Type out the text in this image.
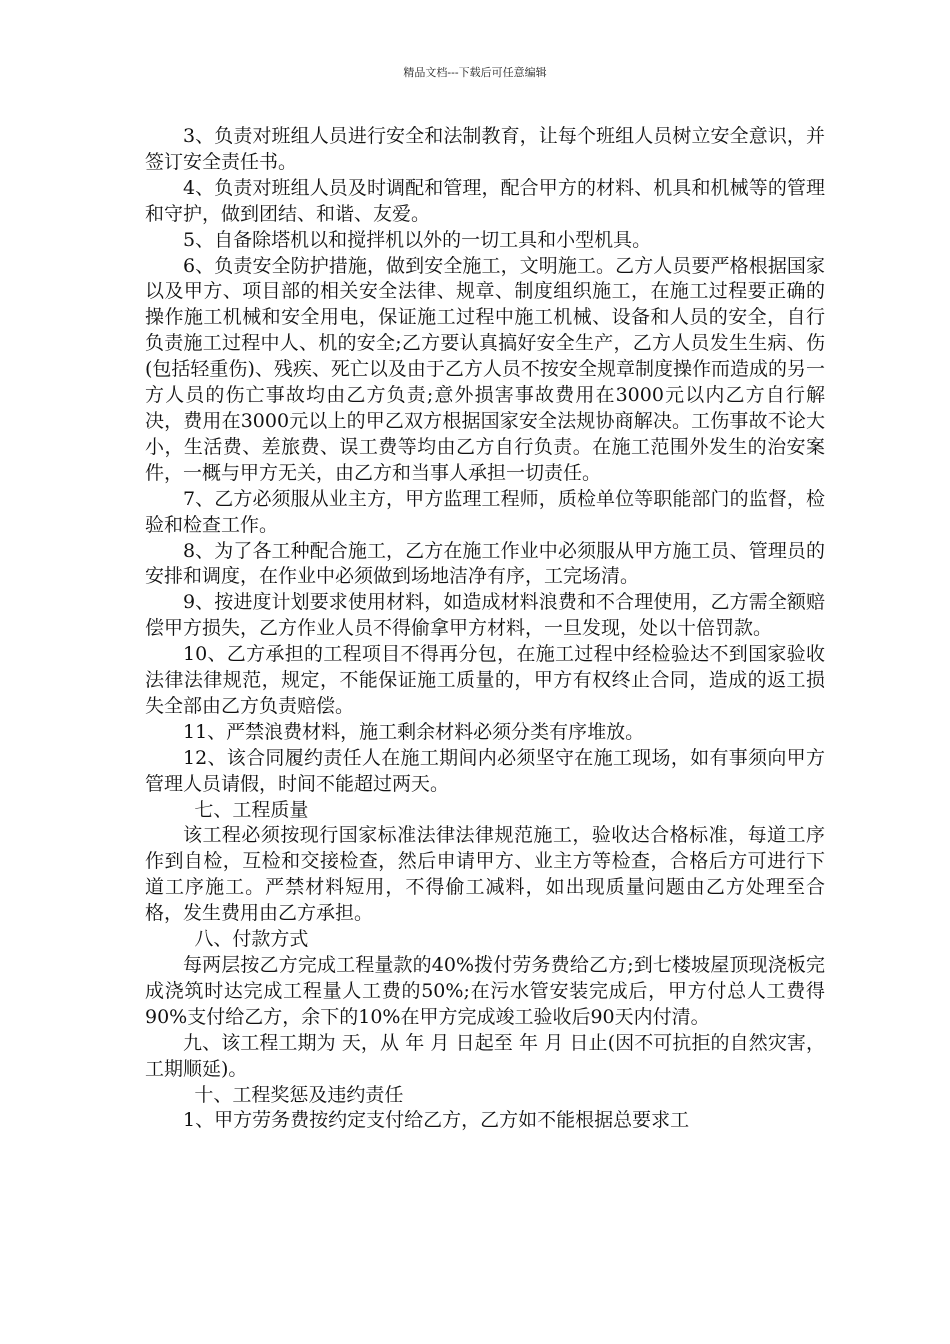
精品文档---下载后可任意编辑

3、负责对班组人员进行安全和法制教育，让每个班组人员树立安全意识，并签订安全责任书。

4、负责对班组人员及时调配和管理，配合甲方的材料、机具和机械等的管理和守护，做到团结、和谐、友爱。

5、自备除塔机以和搅拌机以外的一切工具和小型机具。

6、负责安全防护措施，做到安全施工，文明施工。乙方人员要严格根据国家以及甲方、项目部的相关安全法律、规章、制度组织施工，在施工过程要正确的操作施工机械和安全用电，保证施工过程中施工机械、设备和人员的安全，自行负责施工过程中人、机的安全;乙方要认真搞好安全生产，乙方人员发生生病、伤(包括轻重伤)、残疾、死亡以及由于乙方人员不按安全规章制度操作而造成的另一方人员的伤亡事故均由乙方负责;意外损害事故费用在3000元以内乙方自行解决，费用在3000元以上的甲乙双方根据国家安全法规协商解决。工伤事故不论大小，生活费、差旅费、误工费等均由乙方自行负责。在施工范围外发生的治安案件，一概与甲方无关，由乙方和当事人承担一切责任。

7、乙方必须服从业主方，甲方监理工程师，质检单位等职能部门的监督，检验和检查工作。

8、为了各工种配合施工，乙方在施工作业中必须服从甲方施工员、管理员的安排和调度，在作业中必须做到场地洁净有序，工完场清。

9、按进度计划要求使用材料，如造成材料浪费和不合理使用，乙方需全额赔偿甲方损失，乙方作业人员不得偷拿甲方材料，一旦发现，处以十倍罚款。

10、乙方承担的工程项目不得再分包，在施工过程中经检验达不到国家验收法律法律规范，规定，不能保证施工质量的，甲方有权终止合同，造成的返工损失全部由乙方负责赔偿。

11、严禁浪费材料，施工剩余材料必须分类有序堆放。

12、该合同履约责任人在施工期间内必须坚守在施工现场，如有事须向甲方管理人员请假，时间不能超过两天。

七、工程质量

该工程必须按现行国家标准法律法律规范施工，验收达合格标准，每道工序作到自检，互检和交接检查，然后申请甲方、业主方等检查，合格后方可进行下道工序施工。严禁材料短用，不得偷工减料，如出现质量问题由乙方处理至合格，发生费用由乙方承担。

八、付款方式

每两层按乙方完成工程量款的40%拨付劳务费给乙方;到七楼坡屋顶现浇板完成浇筑时达完成工程量人工费的50%;在污水管安装完成后，甲方付总人工费得90%支付给乙方，余下的10%在甲方完成竣工验收后90天内付清。

九、该工程工期为 天，从 年 月 日起至 年 月 日止(因不可抗拒的自然灾害，工期顺延)。

十、工程奖惩及违约责任

1、甲方劳务费按约定支付给乙方，乙方如不能根据总要求工
